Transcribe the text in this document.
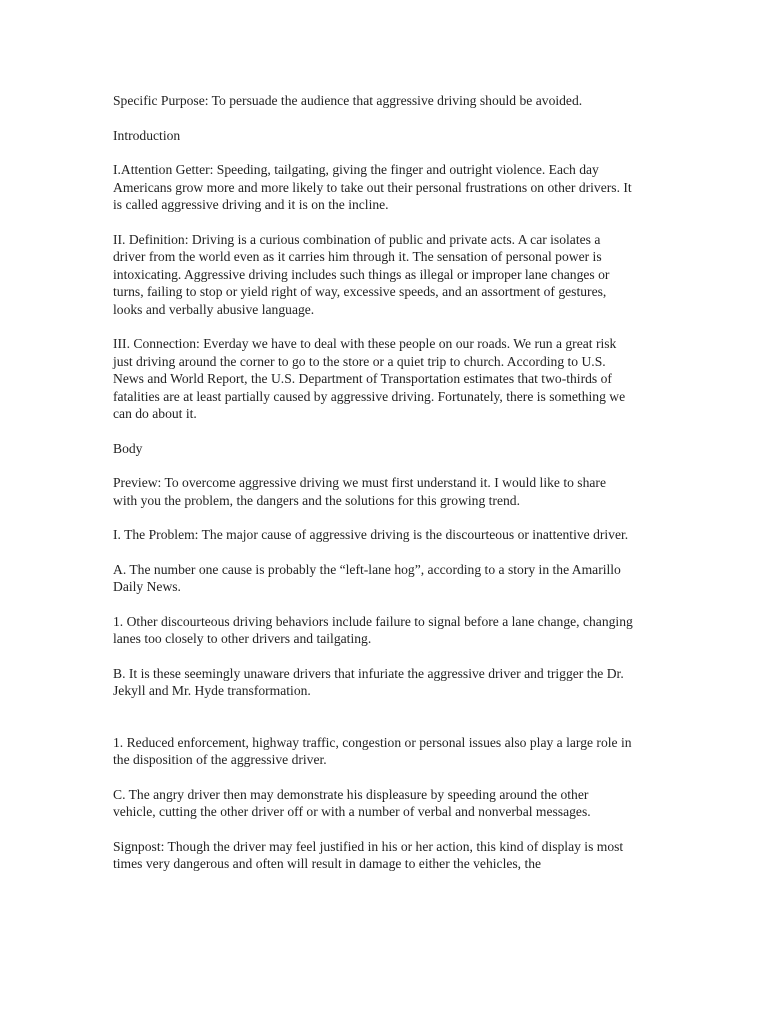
Specific Purpose: To persuade the audience that aggressive driving should be avoided.

Introduction

I.Attention Getter: Speeding, tailgating, giving the finger and outright violence. Each day Americans grow more and more likely to take out their personal frustrations on other drivers. It is called aggressive driving and it is on the incline.

II. Definition: Driving is a curious combination of public and private acts. A car isolates a driver from the world even as it carries him through it. The sensation of personal power is intoxicating. Aggressive driving includes such things as illegal or improper lane changes or turns, failing to stop or yield right of way, excessive speeds, and an assortment of gestures, looks and verbally abusive language.

III. Connection: Everday we have to deal with these people on our roads. We run a great risk just driving around the corner to go to the store or a quiet trip to church. According to U.S. News and World Report, the U.S. Department of Transportation estimates that two-thirds of fatalities are at least partially caused by aggressive driving. Fortunately, there is something we can do about it.

Body

Preview: To overcome aggressive driving we must first understand it. I would like to share with you the problem, the dangers and the solutions for this growing trend.

I. The Problem: The major cause of aggressive driving is the discourteous or inattentive driver.

A. The number one cause is probably the “left-lane hog”, according to a story in the Amarillo Daily News.

1. Other discourteous driving behaviors include failure to signal before a lane change, changing lanes too closely to other drivers and tailgating.

B. It is these seemingly unaware drivers that infuriate the aggressive driver and trigger the Dr. Jekyll and Mr. Hyde transformation.

1. Reduced enforcement, highway traffic, congestion or personal issues also play a large role in the disposition of the aggressive driver.

C. The angry driver then may demonstrate his displeasure by speeding around the other vehicle, cutting the other driver off or with a number of verbal and nonverbal messages.

Signpost: Though the driver may feel justified in his or her action, this kind of display is most times very dangerous and often will result in damage to either the vehicles, the
